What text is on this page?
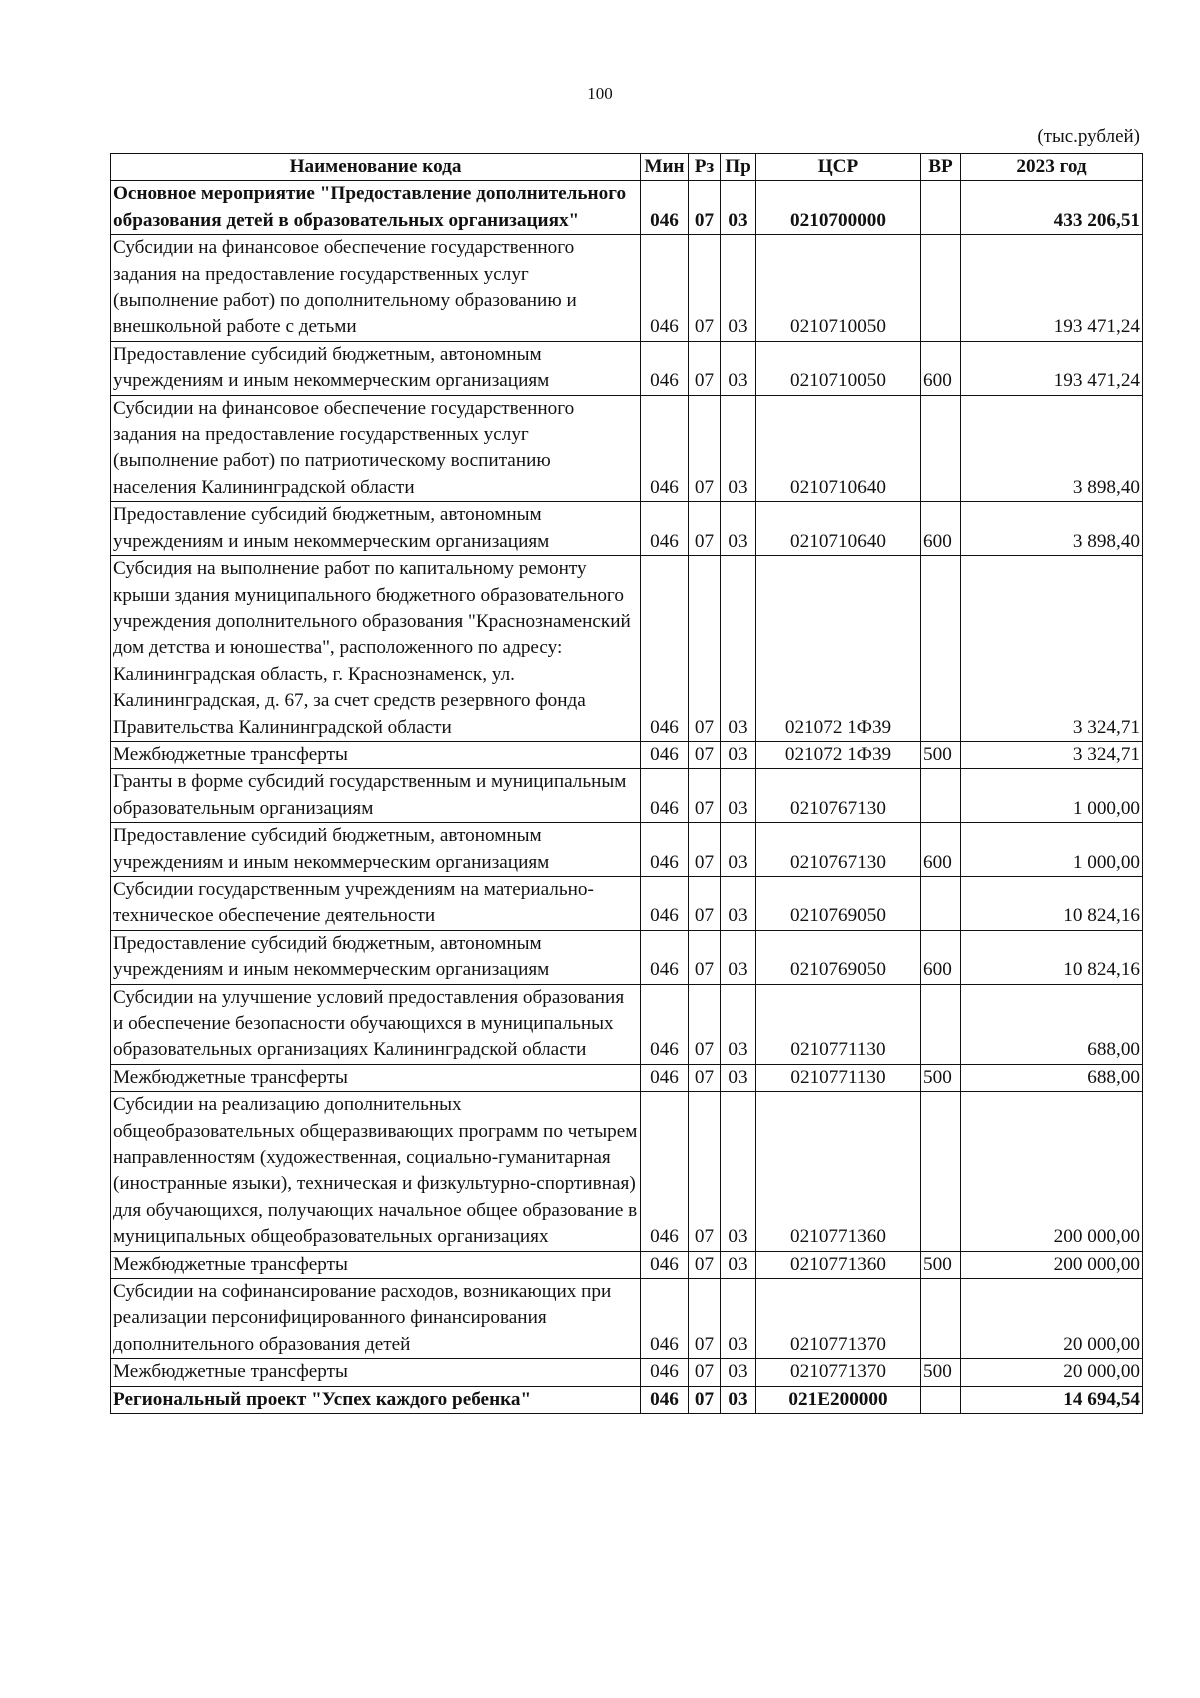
100
(тыс.рублей)
Наименование кода	Мин	Рз	Пр	ЦСР	ВР	2023 год
Основное мероприятие "Предоставление дополнительного образования детей в образовательных организациях"	046	07	03	0210700000		433 206,51
Субсидии на финансовое обеспечение государственного задания на предоставление государственных услуг (выполнение работ) по дополнительному образованию и внешкольной работе с детьми	046	07	03	0210710050		193 471,24
Предоставление субсидий бюджетным, автономным учреждениям и иным некоммерческим организациям	046	07	03	0210710050	600	193 471,24
Субсидии на финансовое обеспечение государственного задания на предоставление государственных услуг (выполнение работ) по патриотическому воспитанию населения Калининградской области	046	07	03	0210710640		3 898,40
Предоставление субсидий бюджетным, автономным учреждениям и иным некоммерческим организациям	046	07	03	0210710640	600	3 898,40
Субсидия на выполнение работ по капитальному ремонту крыши здания муниципального бюджетного образовательного учреждения дополнительного образования "Краснознаменский дом детства и юношества", расположенного по адресу: Калининградская область, г. Краснознаменск, ул. Калининградская, д. 67, за счет средств резервного фонда Правительства Калининградской области	046	07	03	021072 1Ф39		3 324,71
Межбюджетные трансферты	046	07	03	021072 1Ф39	500	3 324,71
Гранты в форме субсидий государственным и муниципальным образовательным организациям	046	07	03	0210767130		1 000,00
Предоставление субсидий бюджетным, автономным учреждениям и иным некоммерческим организациям	046	07	03	0210767130	600	1 000,00
Субсидии государственным учреждениям на материально-техническое обеспечение деятельности	046	07	03	0210769050		10 824,16
Предоставление субсидий бюджетным, автономным учреждениям и иным некоммерческим организациям	046	07	03	0210769050	600	10 824,16
Субсидии на улучшение условий предоставления образования и обеспечение безопасности обучающихся в муниципальных образовательных организациях Калининградской области	046	07	03	0210771130		688,00
Межбюджетные трансферты	046	07	03	0210771130	500	688,00
Субсидии на реализацию дополнительных общеобразовательных общеразвивающих программ по четырем направленностям (художественная, социально-гуманитарная (иностранные языки), техническая и физкультурно-спортивная) для обучающихся, получающих начальное общее образование в муниципальных общеобразовательных организациях	046	07	03	0210771360		200 000,00
Межбюджетные трансферты	046	07	03	0210771360	500	200 000,00
Субсидии на софинансирование расходов, возникающих при реализации персонифицированного финансирования дополнительного образования детей	046	07	03	0210771370		20 000,00
Межбюджетные трансферты	046	07	03	0210771370	500	20 000,00
Региональный проект "Успех каждого ребенка"	046	07	03	021E200000		14 694,54
